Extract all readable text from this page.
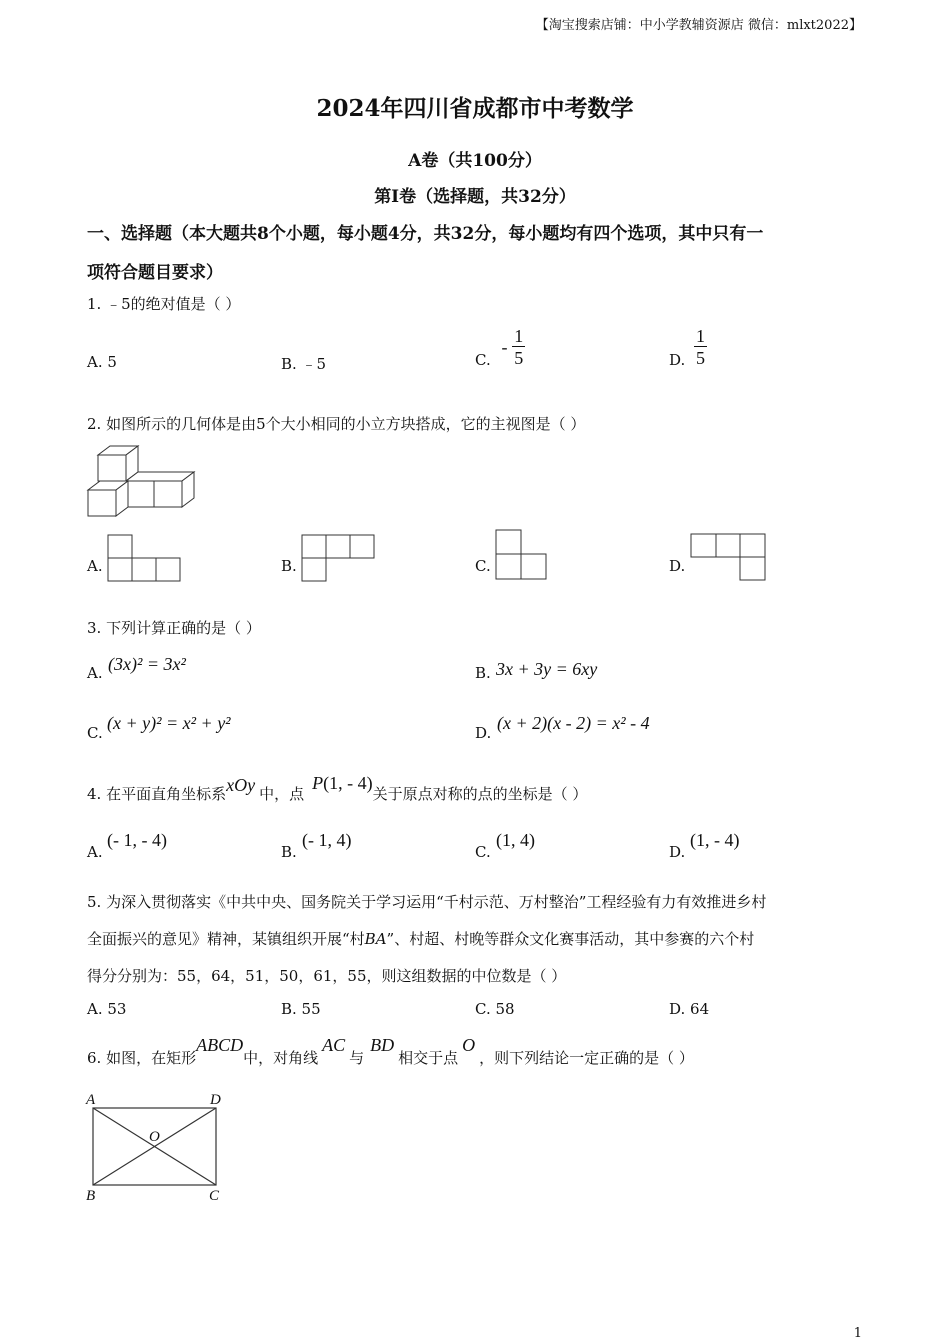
【淘宝搜索店铺：中小学教辅资源店 微信：mlxt2022】
2024年四川省成都市中考数学
A卷（共100分）
第Ⅰ卷（选择题，共32分）
一、选择题（本大题共8个小题，每小题4分，共32分，每小题均有四个选项，其中只有一
项符合题目要求）
1. ﹣5的绝对值是（ ）
A. 5	B. ﹣5	C. - $\frac{1}{5}$	D. $\frac{1}{5}$
2. 如图所示的几何体是由5个大小相同的小立方块搭成，它的主视图是（ ）
A.	B.	C.	D.
3. 下列计算正确的是（ ）
A. (3x)² = 3x²	B. 3x + 3y = 6xy
C. (x + y)² = x² + y²	D. (x + 2)(x - 2) = x² - 4
4. 在平面直角坐标系xOy 中，点P(1, - 4)关于原点对称的点的坐标是（ ）
A.
(- 1, - 4)
B.
(- 1, 4)
C.
(1, 4)
D.
(1, - 4)
5. 为深入贯彻落实《中共中央、国务院关于学习运用“千村示范、万村整治”工程经验有力有效推进乡村
全面振兴的意见》精神，某镇组织开展“村BA”、村超、村晚等群众文化赛事活动，其中参赛的六个村
得分分别为：55，64，51，50，61，55，则这组数据的中位数是（ ）
A. 53	B. 55	C. 58	D. 64
6. 如图，在矩形ABCD中，对角线AC与BD相交于点O，则下列结论一定正确的是（ ）
A	D
B	C
O
1
